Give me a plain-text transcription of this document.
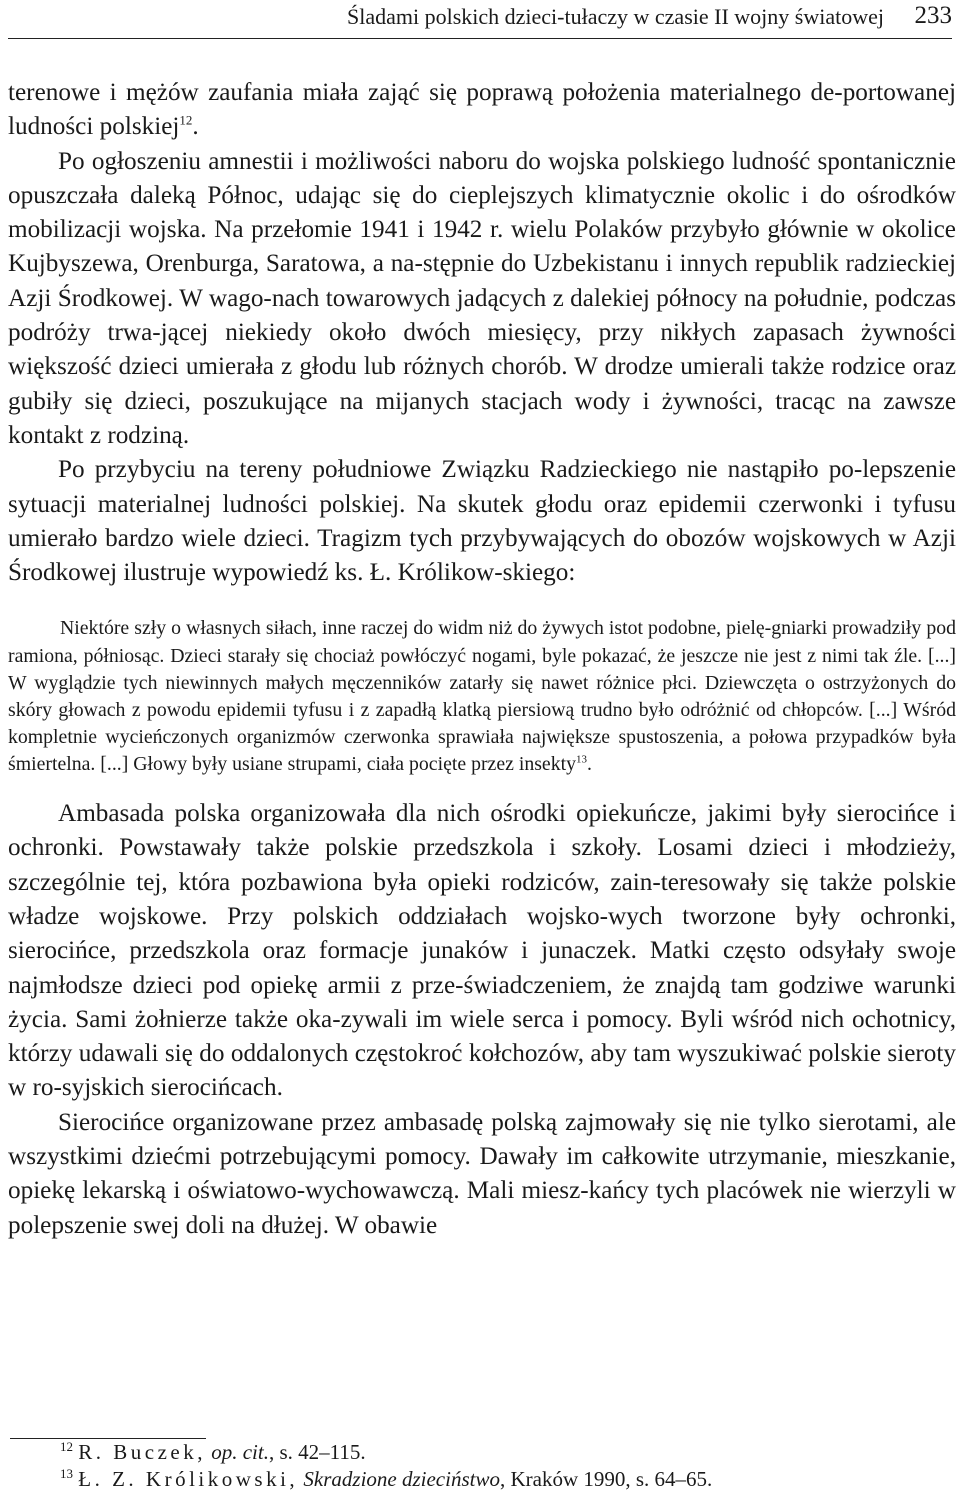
Śladami polskich dzieci-tułaczy w czasie II wojny światowej 233

terenowe i mężów zaufania miała zająć się poprawą położenia materialnego de-portowanej ludności polskiej$^{12}$.

Po ogłoszeniu amnestii i możliwości naboru do wojska polskiego ludność spontanicznie opuszczała daleką Północ, udając się do cieplejszych klimatycznie okolic i do ośrodków mobilizacji wojska. Na przełomie 1941 i 1942 r. wielu Polaków przybyło głównie w okolice Kujbyszewa, Orenburga, Saratowa, a na-stępnie do Uzbekistanu i innych republik radzieckiej Azji Środkowej. W wago-nach towarowych jadących z dalekiej północy na południe, podczas podróży trwa-jącej niekiedy około dwóch miesięcy, przy nikłych zapasach żywności większość dzieci umierała z głodu lub różnych chorób. W drodze umierali także rodzice oraz gubiły się dzieci, poszukujące na mijanych stacjach wody i żywności, tracąc na zawsze kontakt z rodziną.

Po przybyciu na tereny południowe Związku Radzieckiego nie nastąpiło po-lepszenie sytuacji materialnej ludności polskiej. Na skutek głodu oraz epidemii czerwonki i tyfusu umierało bardzo wiele dzieci. Tragizm tych przybywających do obozów wojskowych w Azji Środkowej ilustruje wypowiedź ks. Ł. Królikow-skiego:

Niektóre szły o własnych siłach, inne raczej do widm niż do żywych istot podobne, pielę-gniarki prowadziły pod ramiona, półniosąc. Dzieci starały się chociaż powłóczyć nogami, byle pokazać, że jeszcze nie jest z nimi tak źle. [...] W wyglądzie tych niewinnych małych męczenników zatarły się nawet różnice płci. Dziewczęta o ostrzyżonych do skóry głowach z powodu epidemii tyfusu i z zapadłą klatką piersiową trudno było odróżnić od chłopców. [...] Wśród kompletnie wycieńczonych organizmów czerwonka sprawiała największe spustoszenia, a połowa przypadków była śmiertelna. [...] Głowy były usiane strupami, ciała pocięte przez insekty$^{13}$.

Ambasada polska organizowała dla nich ośrodki opiekuńcze, jakimi były sierocińce i ochronki. Powstawały także polskie przedszkola i szkoły. Losami dzieci i młodzieży, szczególnie tej, która pozbawiona była opieki rodziców, zain-teresowały się także polskie władze wojskowe. Przy polskich oddziałach wojsko-wych tworzone były ochronki, sierocińce, przedszkola oraz formacje junaków i junaczek. Matki często odsyłały swoje najmłodsze dzieci pod opiekę armii z prze-świadczeniem, że znajdą tam godziwe warunki życia. Sami żołnierze także oka-zywali im wiele serca i pomocy. Byli wśród nich ochotnicy, którzy udawali się do oddalonych częstokroć kołchozów, aby tam wyszukiwać polskie sieroty w ro-syjskich sierocińcach.

Sierocińce organizowane przez ambasadę polską zajmowały się nie tylko sierotami, ale wszystkimi dziećmi potrzebującymi pomocy. Dawały im całkowite utrzymanie, mieszkanie, opiekę lekarską i oświatowo-wychowawczą. Mali miesz-kańcy tych placówek nie wierzyli w polepszenie swej doli na dłużej. W obawie

$^{12}$ R. Buczek, op. cit., s. 42–115.
$^{13}$ Ł. Z. Królikowski, Skradzione dzieciństwo, Kraków 1990, s. 64–65.
